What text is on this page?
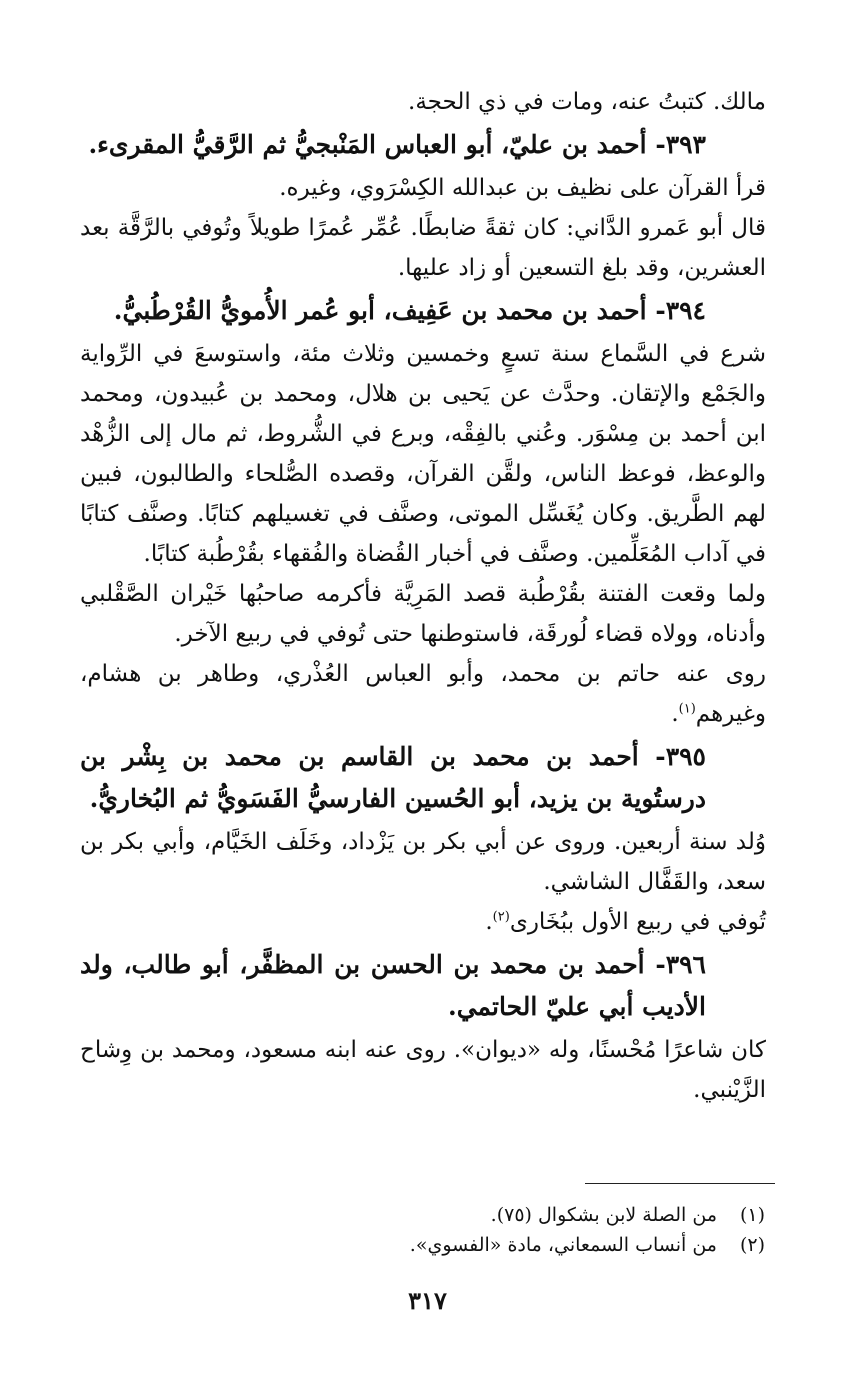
مالك. كتبتُ عنه، ومات في ذي الحجة.

٣٩٣- أحمد بن عليّ، أبو العباس المَنْبجيُّ ثم الرَّقيُّ المقرىء.

قرأ القرآن على نظيف بن عبدالله الكِسْرَوي، وغيره.

قال أبو عَمرو الدَّاني: كان ثقةً ضابطًا. عُمِّر عُمرًا طويلاً وتُوفي بالرَّقَّة بعد العشرين، وقد بلغ التسعين أو زاد عليها.

٣٩٤- أحمد بن محمد بن عَفِيف، أبو عُمر الأُمويُّ القُرْطُبيُّ.

شرع في السَّماع سنة تسعٍ وخمسين وثلاث مئة، واستوسعَ في الرِّواية والجَمْع والإتقان. وحدَّث عن يَحيى بن هلال، ومحمد بن عُبيدون، ومحمد ابن أحمد بن مِسْوَر. وعُني بالفِقْه، وبرع في الشُّروط، ثم مال إلى الزُّهْد والوعظ، فوعظ الناس، ولقَّن القرآن، وقصده الصُّلحاء والطالبون، فبين لهم الطَّريق. وكان يُغَسِّل الموتى، وصنَّف في تغسيلهم كتابًا. وصنَّف كتابًا في آداب المُعَلِّمين. وصنَّف في أخبار القُضاة والفُقهاء بقُرْطُبة كتابًا.

ولما وقعت الفتنة بقُرْطُبة قصد المَرِيَّة فأكرمه صاحبُها خَيْران الصَّقْلبي وأدناه، وولاه قضاء لُورقَة، فاستوطنها حتى تُوفي في ربيع الآخر.

روى عنه حاتم بن محمد، وأبو العباس العُذْري، وطاهر بن هشام، وغيرهم$^{(١)}$.

٣٩٥- أحمد بن محمد بن القاسم بن محمد بن بِشْر بن درستُوية بن يزيد، أبو الحُسين الفارسيُّ الفَسَويُّ ثم البُخاريُّ.

وُلد سنة أربعين. وروى عن أبي بكر بن يَزْداد، وخَلَف الخَيَّام، وأبي بكر بن سعد، والقَفَّال الشاشي.

تُوفي في ربيع الأول ببُخَارى$^{(٢)}$.

٣٩٦- أحمد بن محمد بن الحسن بن المظفَّر، أبو طالب، ولد الأديب أبي عليّ الحاتمي.

كان شاعرًا مُحْسنًا، وله «ديوان». روى عنه ابنه مسعود، ومحمد بن وِشاح الزَّيْنبي.

(١)
من الصلة لابن بشكوال (٧٥).
(٢)
من أنساب السمعاني، مادة «الفسوي».
٣١٧
